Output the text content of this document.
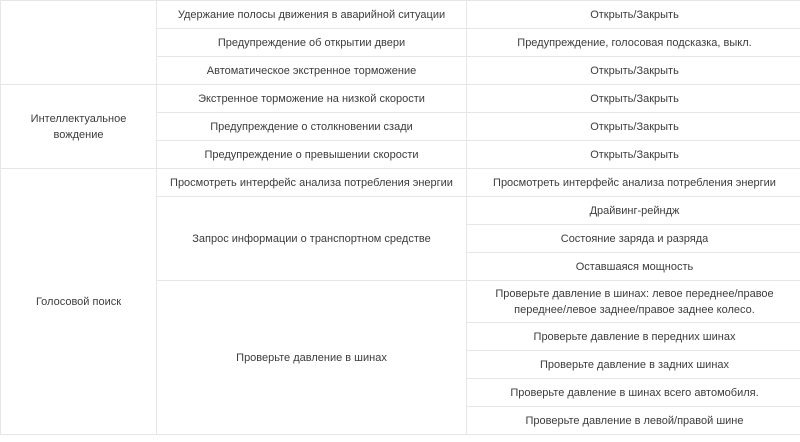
	Удержание полосы движения в аварийной ситуации	Открыть/Закрыть
	Предупреждение об открытии двери	Предупреждение, голосовая подсказка, выкл.
	Автоматическое экстренное торможение	Открыть/Закрыть
Интеллектуальное вождение	Экстренное торможение на низкой скорости	Открыть/Закрыть
	Предупреждение о столкновении сзади	Открыть/Закрыть
	Предупреждение о превышении скорости	Открыть/Закрыть
Голосовой поиск	Просмотреть интерфейс анализа потребления энергии	Просмотреть интерфейс анализа потребления энергии
	Запрос информации о транспортном средстве	Драйвинг-рейндж
		Состояние заряда и разряда
		Оставшаяся мощность
	Проверьте давление в шинах	Проверьте давление в шинах: левое переднее/правое переднее/левое заднее/правое заднее колесо.
		Проверьте давление в передних шинах
		Проверьте давление в задних шинах
		Проверьте давление в шинах всего автомобиля.
		Проверьте давление в левой/правой шине
